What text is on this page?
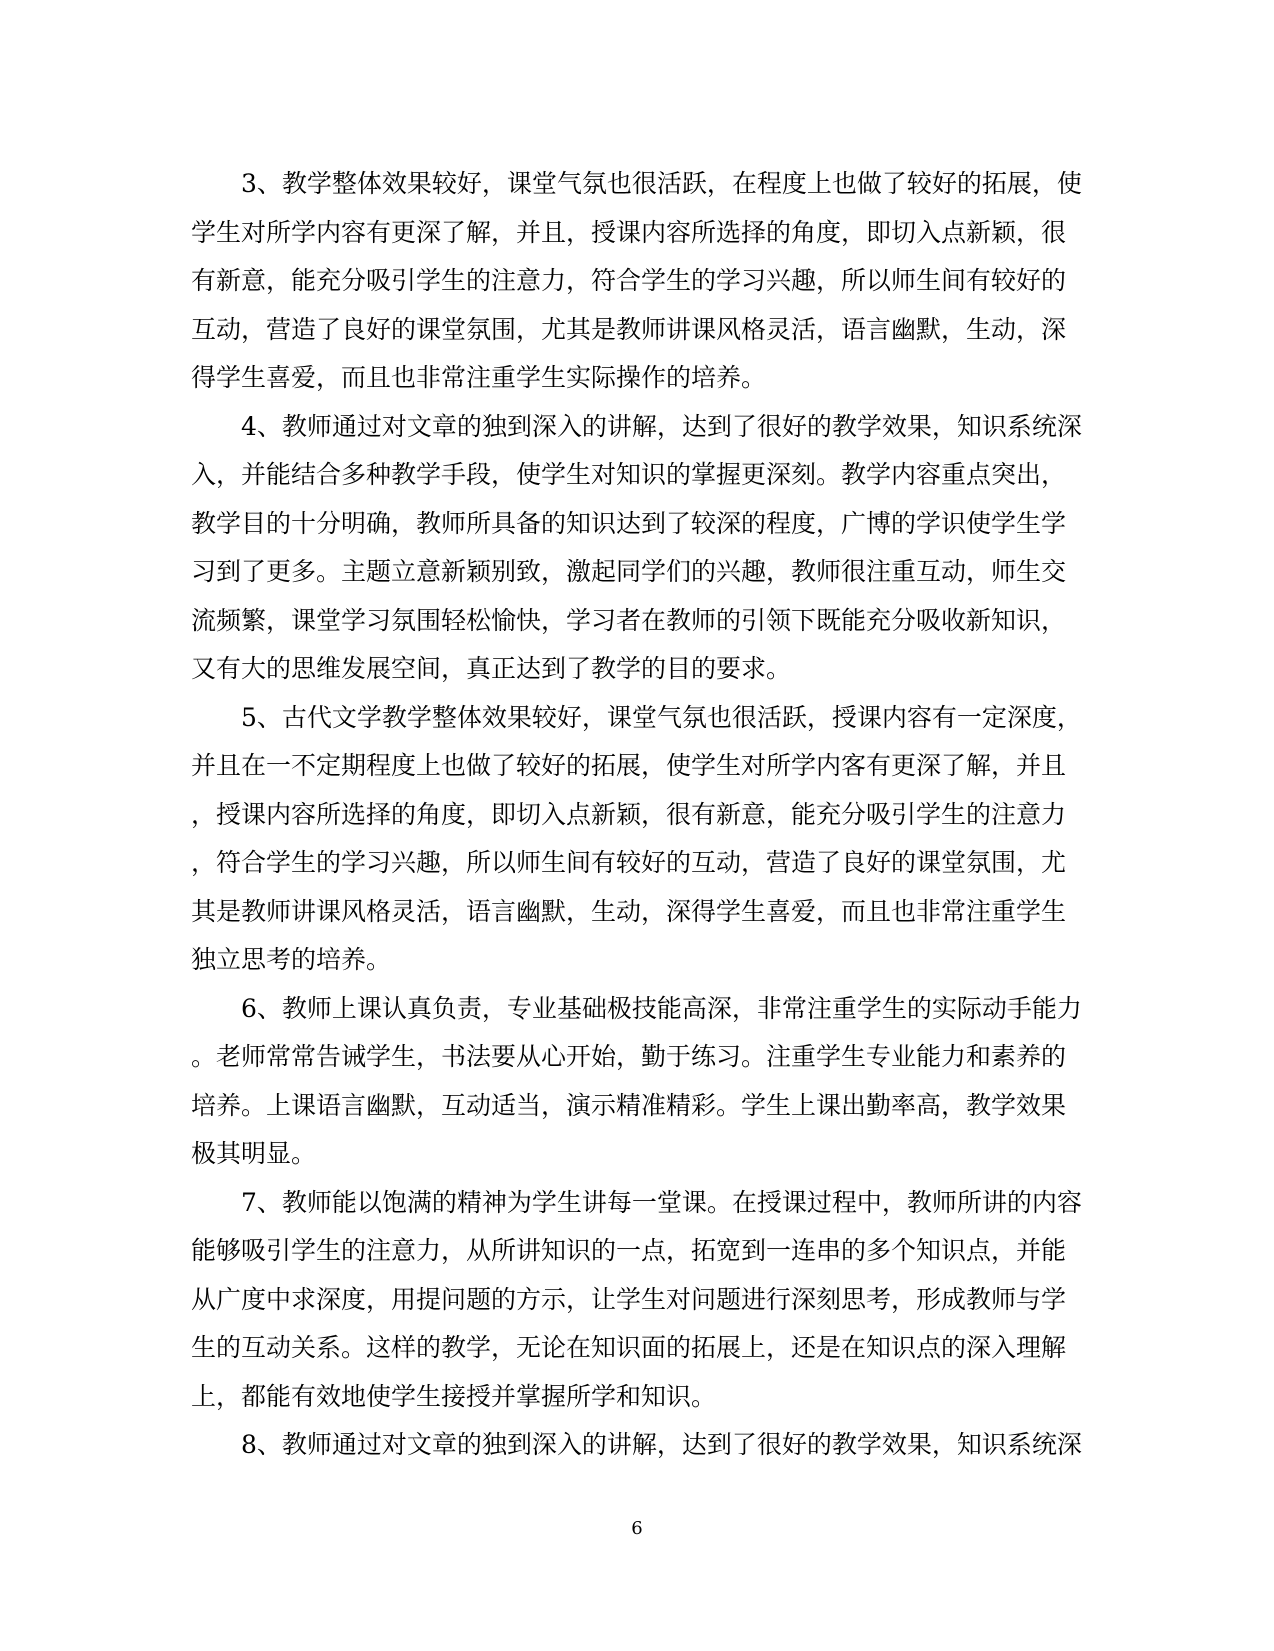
3、教学整体效果较好，课堂气氛也很活跃，在程度上也做了较好的拓展，使
学生对所学内容有更深了解，并且，授课内容所选择的角度，即切入点新颖，很
有新意，能充分吸引学生的注意力，符合学生的学习兴趣，所以师生间有较好的
互动，营造了良好的课堂氛围，尤其是教师讲课风格灵活，语言幽默，生动，深
得学生喜爱，而且也非常注重学生实际操作的培养。

4、教师通过对文章的独到深入的讲解，达到了很好的教学效果，知识系统深
入，并能结合多种教学手段，使学生对知识的掌握更深刻。教学内容重点突出，
教学目的十分明确，教师所具备的知识达到了较深的程度，广博的学识使学生学
习到了更多。主题立意新颖别致，激起同学们的兴趣，教师很注重互动，师生交
流频繁，课堂学习氛围轻松愉快，学习者在教师的引领下既能充分吸收新知识，
又有大的思维发展空间，真正达到了教学的目的要求。

5、古代文学教学整体效果较好，课堂气氛也很活跃，授课内容有一定深度，
并且在一不定期程度上也做了较好的拓展，使学生对所学内客有更深了解，并且
，授课内容所选择的角度，即切入点新颖，很有新意，能充分吸引学生的注意力
，符合学生的学习兴趣，所以师生间有较好的互动，营造了良好的课堂氛围，尤
其是教师讲课风格灵活，语言幽默，生动，深得学生喜爱，而且也非常注重学生
独立思考的培养。

6、教师上课认真负责，专业基础极技能高深，非常注重学生的实际动手能力
。老师常常告诫学生，书法要从心开始，勤于练习。注重学生专业能力和素养的
培养。上课语言幽默，互动适当，演示精准精彩。学生上课出勤率高，教学效果
极其明显。

7、教师能以饱满的精神为学生讲每一堂课。在授课过程中，教师所讲的内容
能够吸引学生的注意力，从所讲知识的一点，拓宽到一连串的多个知识点，并能
从广度中求深度，用提问题的方示，让学生对问题进行深刻思考，形成教师与学
生的互动关系。这样的教学，无论在知识面的拓展上，还是在知识点的深入理解
上，都能有效地使学生接授并掌握所学和知识。

8、教师通过对文章的独到深入的讲解，达到了很好的教学效果，知识系统深

6
